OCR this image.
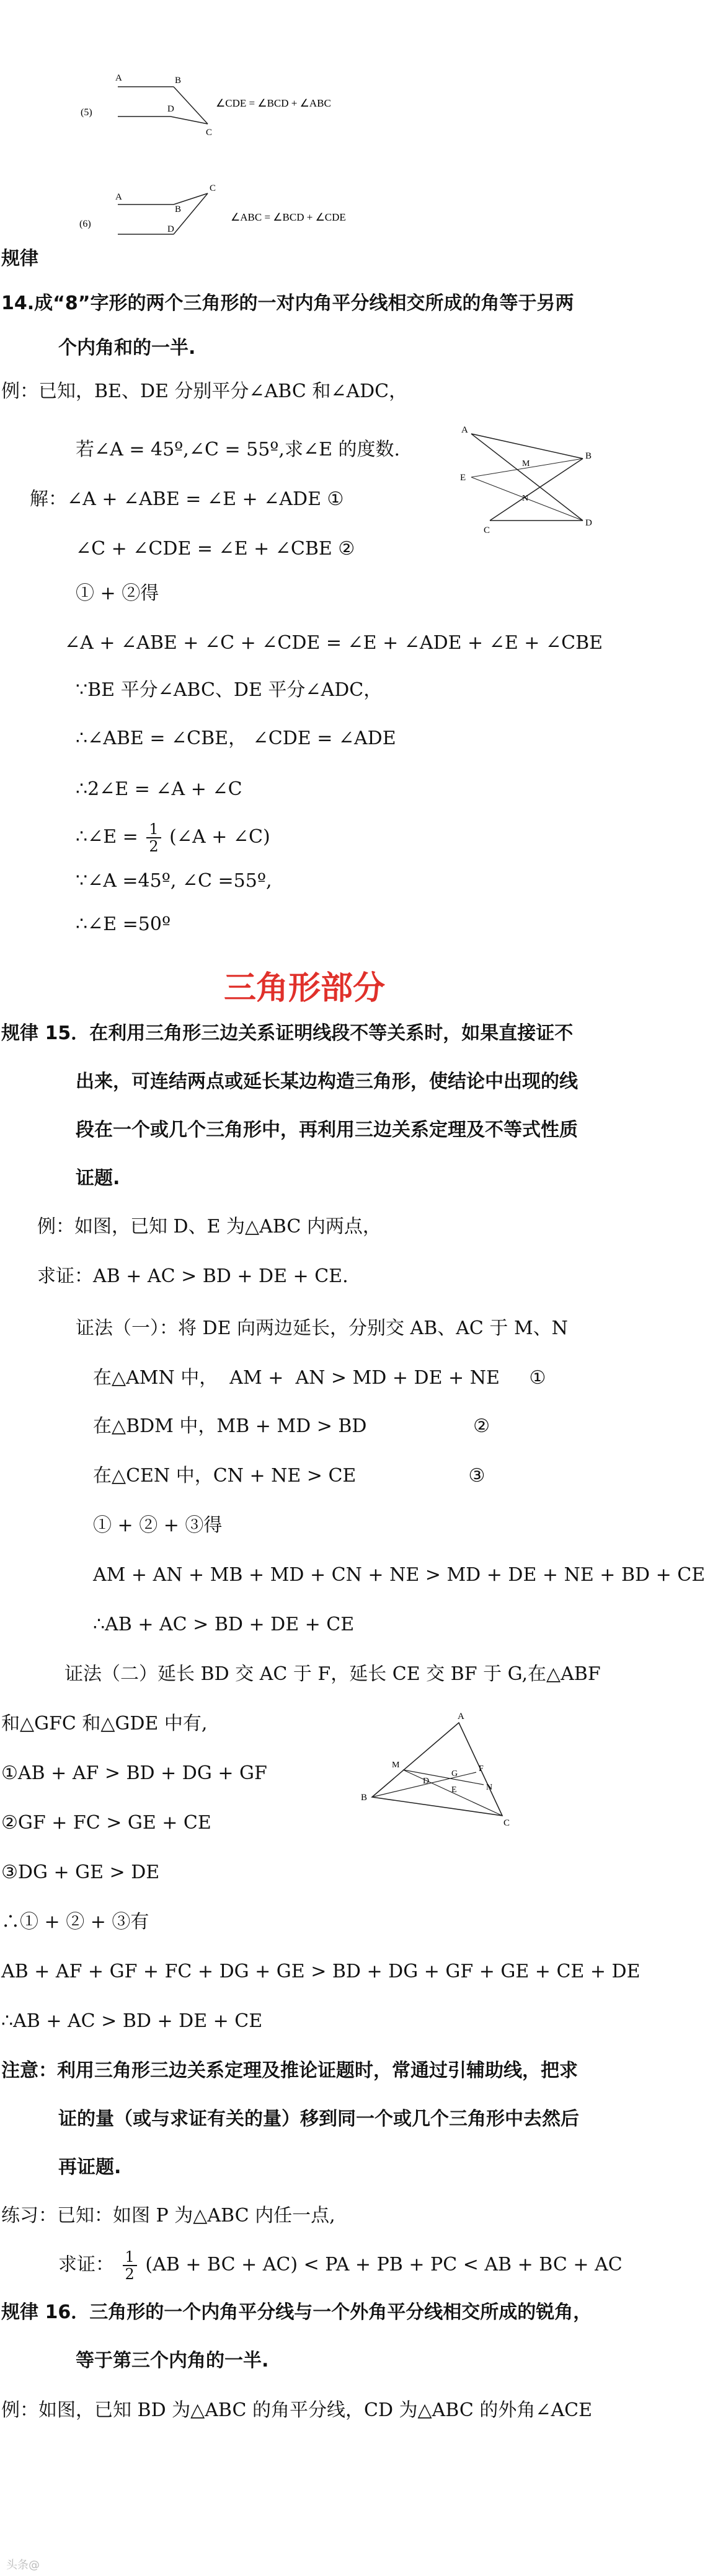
(5)
A	B
D
C
∠CDE = ∠BCD + ∠ABC
(6)
A
B
C
D
∠ABC = ∠BCD + ∠CDE
规律
14.成“8”字形的两个三角形的一对内角平分线相交所成的角等于另两
个内角和的一半.
例：已知，BE、DE 分别平分∠ABC 和∠ADC，
若∠A = 45º,∠C = 55º,求∠E 的度数.
A
B
C
D
E
M
N
解：∠A + ∠ABE = ∠E + ∠ADE ①
∠C + ∠CDE = ∠E + ∠CBE ②
① + ②得
∠A + ∠ABE + ∠C + ∠CDE = ∠E + ∠ADE + ∠E + ∠CBE
∵BE 平分∠ABC、DE 平分∠ADC，
∴∠ABE = ∠CBE， ∠CDE = ∠ADE
∴2∠E = ∠A + ∠C
∴∠E = $\frac{1}{2}$ (∠A + ∠C)
∵∠A =45º, ∠C =55º,
∴∠E =50º
三角形部分
规律 15．在利用三角形三边关系证明线段不等关系时，如果直接证不
出来，可连结两点或延长某边构造三角形，使结论中出现的线
段在一个或几个三角形中，再利用三边关系定理及不等式性质
证题.
例：如图，已知 D、E 为△ABC 内两点，
求证：AB + AC > BD + DE + CE.
证法（一）：将 DE 向两边延长，分别交 AB、AC 于 M、N
在△AMN 中，  AM +  AN > MD + DE + NE     ①
在△BDM 中，MB + MD > BD                  ②
在△CEN 中，CN + NE > CE                   ③
① + ② + ③得
AM + AN + MB + MD + CN + NE > MD + DE + NE + BD + CE
∴AB + AC > BD + DE + CE
证法（二）延长 BD 交 AC 于 F，延长 CE 交 BF 于 G,在△ABF
和△GFC 和△GDE 中有,	A
B
C
D
E
F
G
M
N
①AB + AF > BD + DG + GF
②GF + FC > GE + CE
③DG + GE > DE
∴① + ② + ③有
AB + AF + GF + FC + DG + GE > BD + DG + GF + GE + CE + DE
∴AB + AC > BD + DE + CE
注意：利用三角形三边关系定理及推论证题时，常通过引辅助线，把求
证的量（或与求证有关的量）移到同一个或几个三角形中去然后
再证题.
练习：已知：如图 P 为△ABC 内任一点,
求证： $\frac{1}{2} (AB$ + BC + AC) < PA + PB + PC < AB + BC + AC
规律 16．三角形的一个内角平分线与一个外角平分线相交所成的锐角，
等于第三个内角的一半.
例：如图，已知 BD 为△ABC 的角平分线，CD 为△ABC 的外角∠ACE
头条@
